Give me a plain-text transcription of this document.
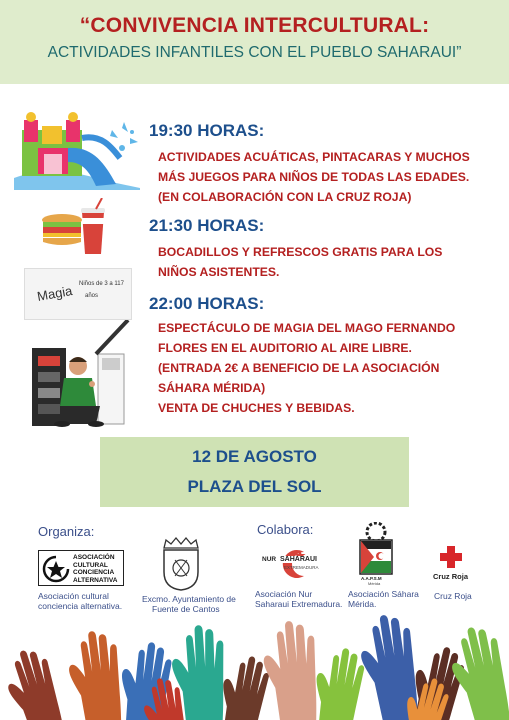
“CONVIVENCIA INTERCULTURAL:
ACTIVIDADES INFANTILES CON EL PUEBLO SAHARAUI”
Magia Niños de 3 a 117
años
19:30 HORAS:
ACTIVIDADES ACUÁTICAS, PINTACARAS Y MUCHOS
MÁS JUEGOS PARA NIÑOS DE TODAS LAS EDADES.
(EN COLABORACIÓN CON LA CRUZ ROJA)
21:30 HORAS:
BOCADILLOS Y REFRESCOS GRATIS PARA LOS
NIÑOS ASISTENTES.
22:00 HORAS:
ESPECTÁCULO DE MAGIA DEL MAGO FERNANDO
FLORES EN EL AUDITORIO AL AIRE LIBRE.
(ENTRADA 2€ A BENEFICIO DE LA ASOCIACIÓN
SÁHARA MÉRIDA)
VENTA DE CHUCHES Y BEBIDAS.
12 DE AGOSTO
PLAZA DEL SOL
Organiza:
ASOCIACIÓN
CULTURAL
CONCIENCIA
ALTERNATIVA
Asociación cultural
conciencia alternativa.
Excmo. Ayuntamiento de
Fuente de Cantos
Colabora:
NUR SAHARAUI
EXTREMADURA
Asociación Nur
Saharaui Extremadura.
A.A.P.S.M
Mérida
Asociación Sáhara
Mérida.
Cruz Roja
Cruz Roja
